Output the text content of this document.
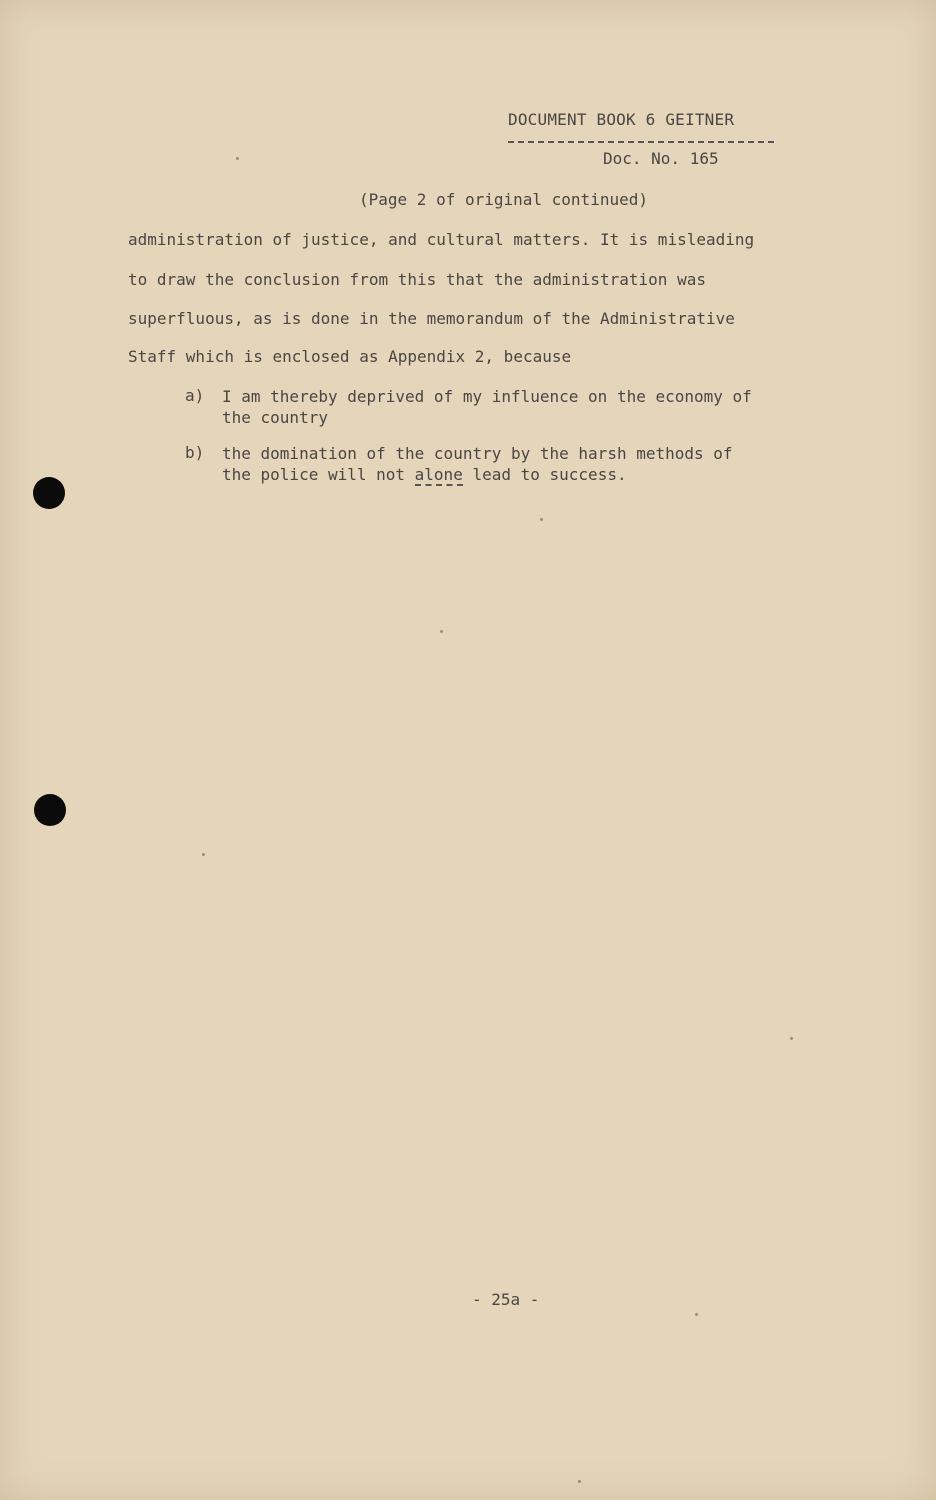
DOCUMENT BOOK 6 GEITNER
Doc. No. 165
(Page 2 of original continued)
administration of justice, and cultural matters. It is misleading
to draw the conclusion from this that the administration was
superfluous, as is done in the memorandum of the Administrative
Staff which is enclosed as Appendix 2, because
a) I am thereby deprived of my influence on the economy of
the country
b) the domination of the country by the harsh methods of
the police will not alone lead to success.
- 25a -
